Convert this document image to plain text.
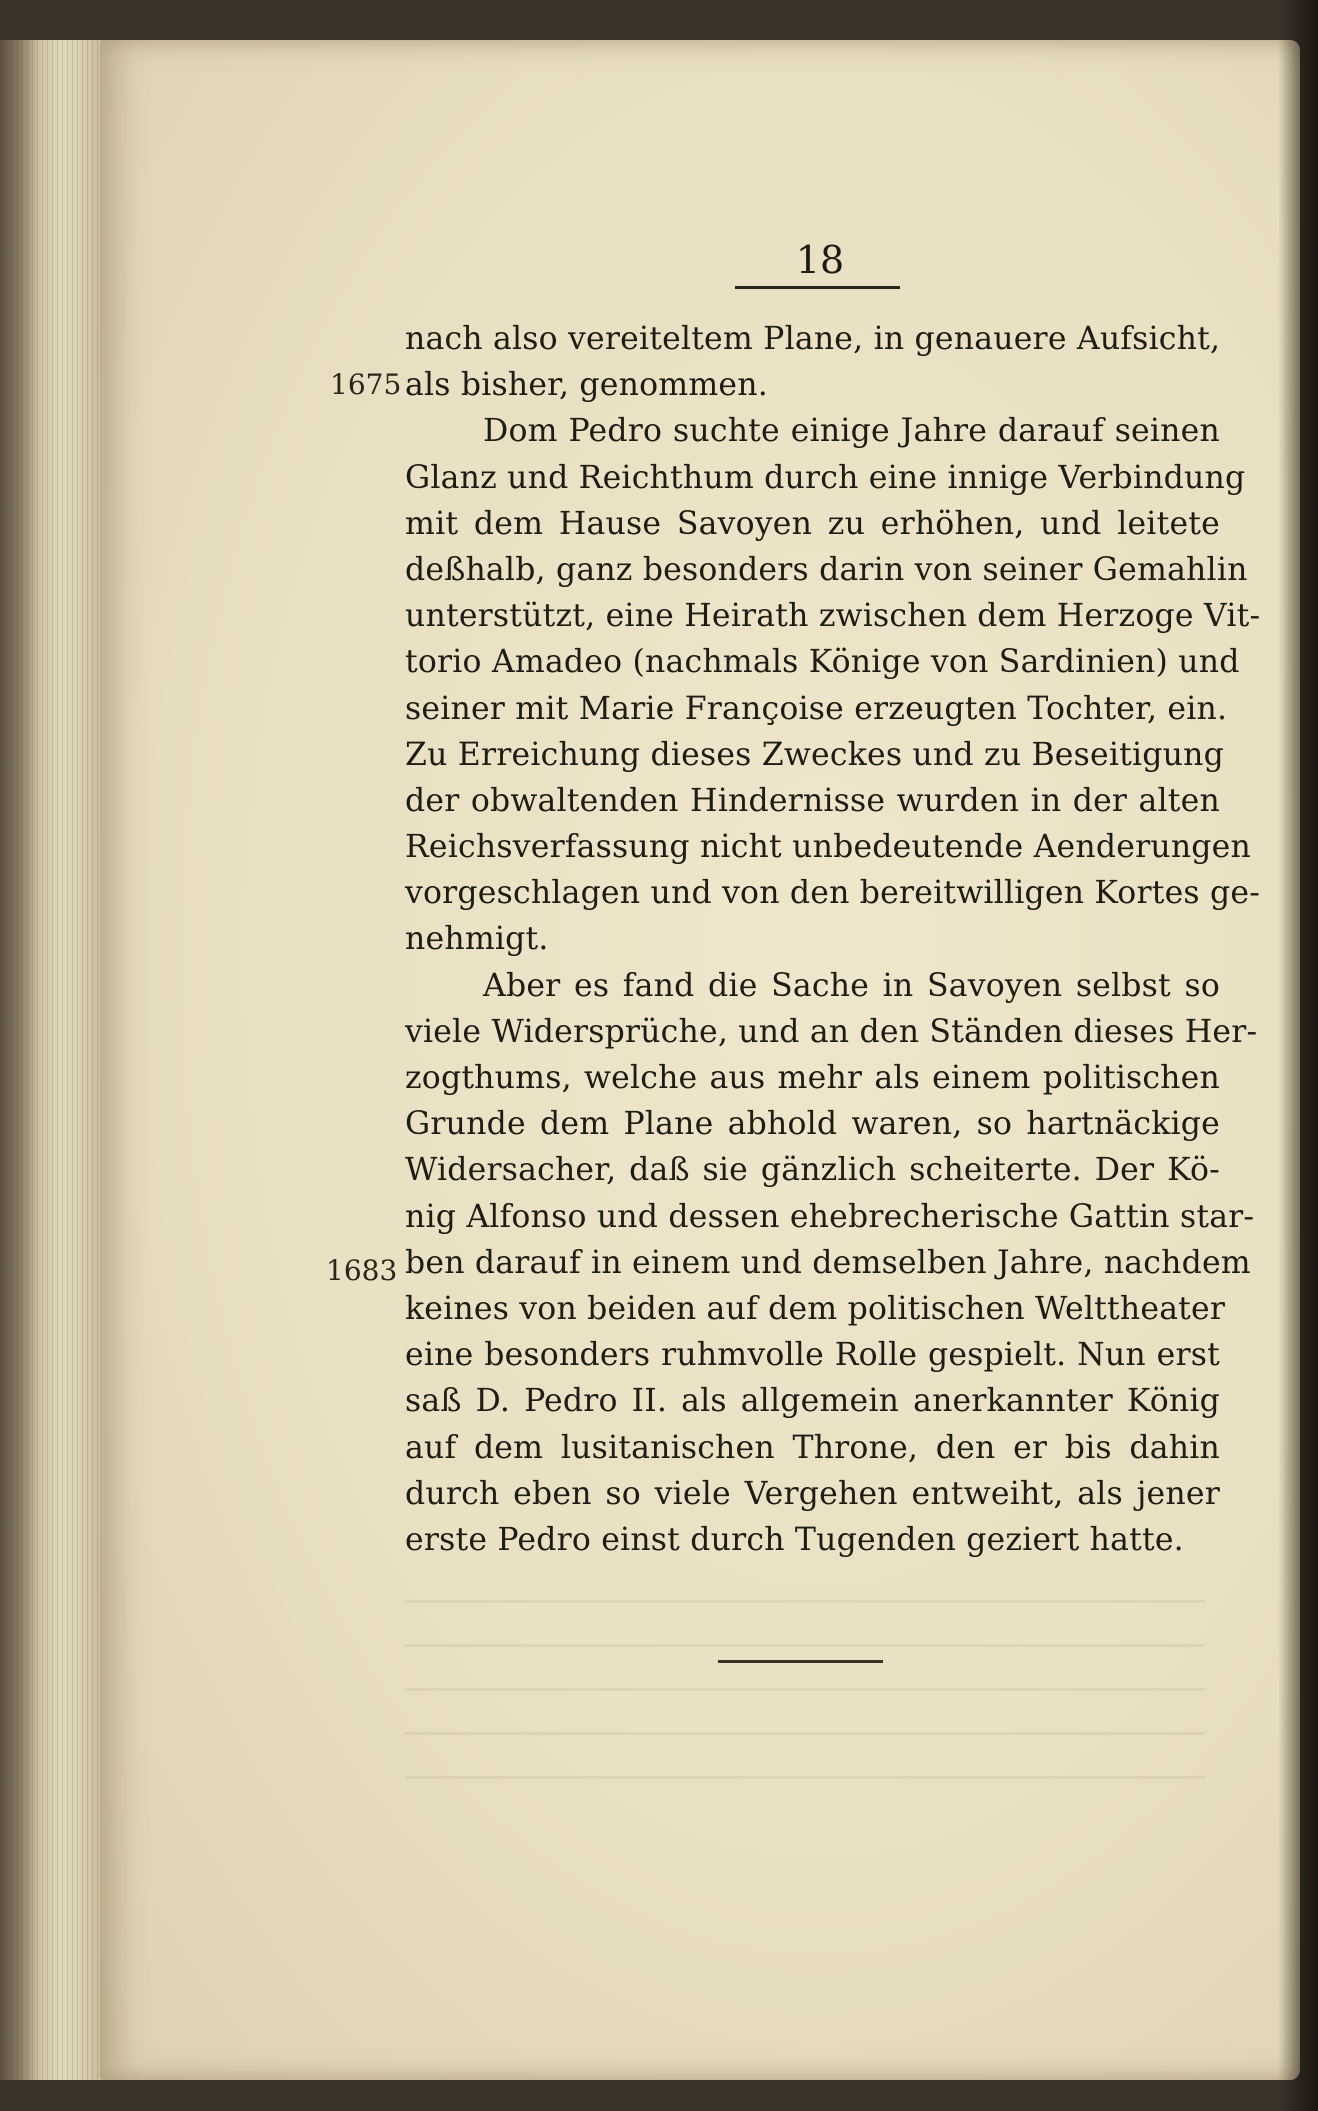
18
1675
1683
nach also vereiteltem Plane, in genauere Aufsicht,
als bisher, genommen.
Dom Pedro suchte einige Jahre darauf seinen
Glanz und Reichthum durch eine innige Verbindung
mit dem Hause Savoyen zu erhöhen, und leitete
deßhalb, ganz besonders darin von seiner Gemahlin
unterstützt, eine Heirath zwischen dem Herzoge Vit-
torio Amadeo (nachmals Könige von Sardinien) und
seiner mit Marie Françoise erzeugten Tochter, ein.
Zu Erreichung dieses Zweckes und zu Beseitigung
der obwaltenden Hindernisse wurden in der alten
Reichsverfassung nicht unbedeutende Aenderungen
vorgeschlagen und von den bereitwilligen Kortes ge-
nehmigt.
Aber es fand die Sache in Savoyen selbst so
viele Widersprüche, und an den Ständen dieses Her-
zogthums, welche aus mehr als einem politischen
Grunde dem Plane abhold waren, so hartnäckige
Widersacher, daß sie gänzlich scheiterte. Der Kö-
nig Alfonso und dessen ehebrecherische Gattin star-
ben darauf in einem und demselben Jahre, nachdem
keines von beiden auf dem politischen Welttheater
eine besonders ruhmvolle Rolle gespielt. Nun erst
saß D. Pedro II. als allgemein anerkannter König
auf dem lusitanischen Throne, den er bis dahin
durch eben so viele Vergehen entweiht, als jener
erste Pedro einst durch Tugenden geziert hatte.
